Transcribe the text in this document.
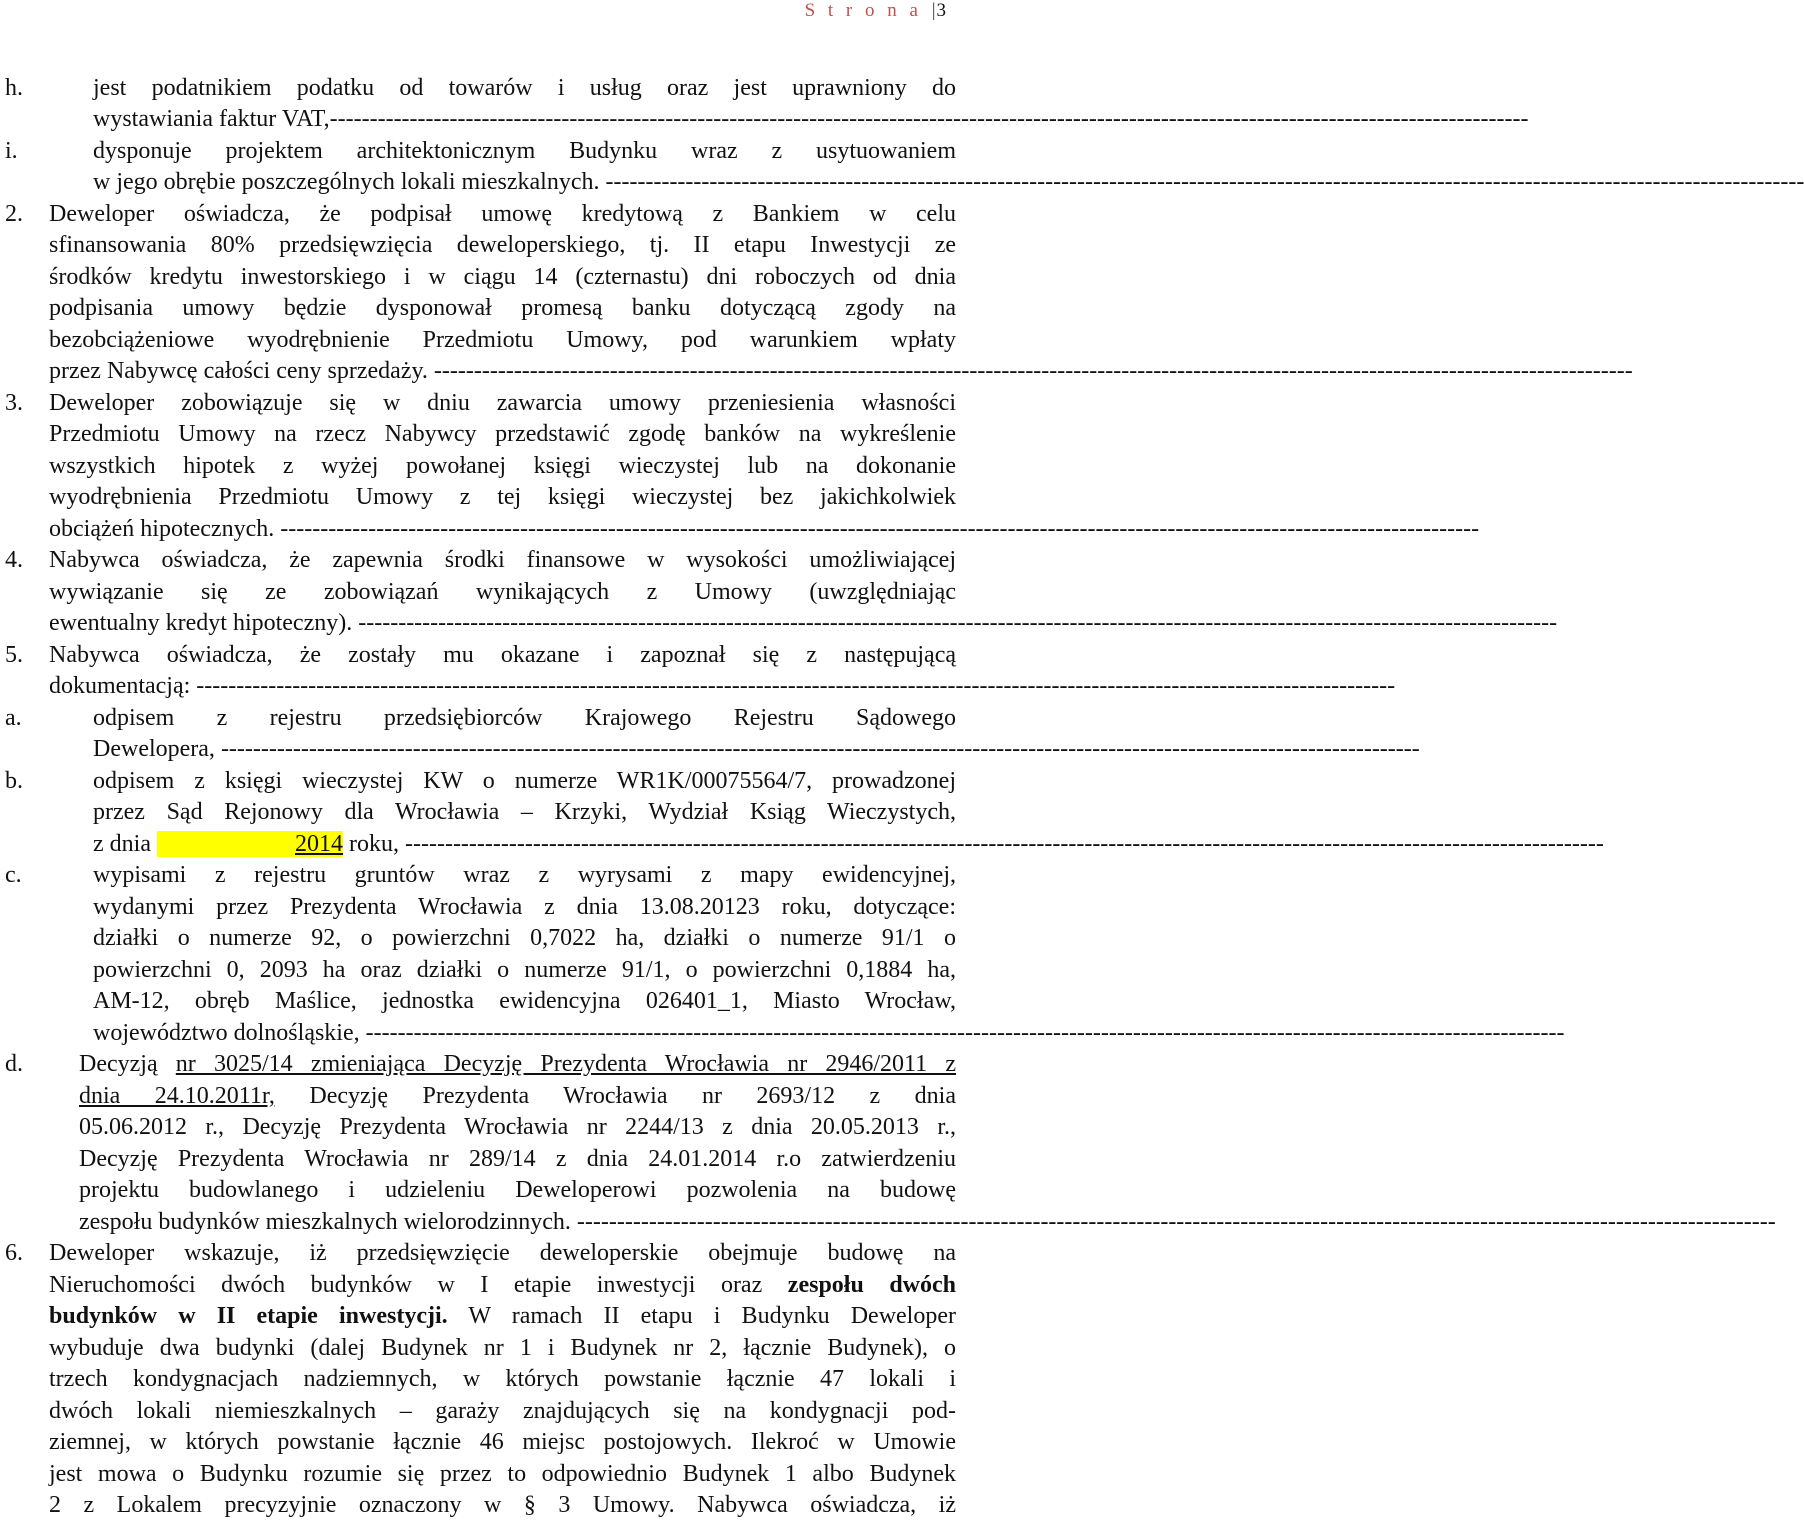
S t r o n a |3
h.	jest podatnikiem podatku od towarów i usług oraz jest uprawniony do
wystawiania faktur VAT,------------------------------------------------------------------------------------------------------------------------------------------------------
i.	dysponuje projektem architektonicznym Budynku wraz z usytuowaniem
w jego obrębie poszczególnych lokali mieszkalnych. ------------------------------------------------------------------------------------------------------------------------------------------------------
2. Deweloper oświadcza, że podpisał umowę kredytową z Bankiem w celu
sfinansowania 80% przedsięwzięcia deweloperskiego, tj. II etapu Inwestycji ze
środków kredytu inwestorskiego i w ciągu 14 (czternastu) dni roboczych od dnia
podpisania umowy będzie dysponował promesą banku dotyczącą zgody na
bezobciążeniowe wyodrębnienie Przedmiotu Umowy, pod warunkiem wpłaty
przez Nabywcę całości ceny sprzedaży. ------------------------------------------------------------------------------------------------------------------------------------------------------
3. Deweloper zobowiązuje się w dniu zawarcia umowy przeniesienia własności
Przedmiotu Umowy na rzecz Nabywcy przedstawić zgodę banków na wykreślenie
wszystkich hipotek z wyżej powołanej księgi wieczystej lub na dokonanie
wyodrębnienia Przedmiotu Umowy z tej księgi wieczystej bez jakichkolwiek
obciążeń hipotecznych. ------------------------------------------------------------------------------------------------------------------------------------------------------
4. Nabywca oświadcza, że zapewnia środki finansowe w wysokości umożliwiającej
wywiązanie się ze zobowiązań wynikających z Umowy (uwzględniając
ewentualny kredyt hipoteczny). ------------------------------------------------------------------------------------------------------------------------------------------------------
5. Nabywca oświadcza, że zostały mu okazane i zapoznał się z następującą
dokumentacją: ------------------------------------------------------------------------------------------------------------------------------------------------------
a.	odpisem z rejestru przedsiębiorców Krajowego Rejestru Sądowego
Dewelopera, ------------------------------------------------------------------------------------------------------------------------------------------------------
b.	odpisem z księgi wieczystej KW o numerze WR1K/00075564/7, prowadzonej
przez Sąd Rejonowy dla Wrocławia – Krzyki, Wydział Ksiąg Wieczystych,
z dnia	2014 roku, ------------------------------------------------------------------------------------------------------------------------------------------------------
c.	wypisami z rejestru gruntów wraz z wyrysami z mapy ewidencyjnej,
wydanymi przez Prezydenta Wrocławia z dnia 13.08.20123 roku, dotyczące:
działki o numerze 92, o powierzchni 0,7022 ha, działki o numerze 91/1 o
powierzchni 0, 2093 ha oraz działki o numerze 91/1, o powierzchni 0,1884 ha,
AM-12, obręb Maślice, jednostka ewidencyjna 026401_1, Miasto Wrocław,
województwo dolnośląskie, ------------------------------------------------------------------------------------------------------------------------------------------------------
d. Decyzją nr 3025/14 zmieniająca Decyzję Prezydenta Wrocławia nr 2946/2011 z
dnia 24.10.2011r, Decyzję Prezydenta Wrocławia nr 2693/12 z dnia
05.06.2012 r., Decyzję Prezydenta Wrocławia nr 2244/13 z dnia 20.05.2013 r.,
Decyzję Prezydenta Wrocławia nr 289/14 z dnia 24.01.2014 r.o zatwierdzeniu
projektu budowlanego i udzieleniu Deweloperowi pozwolenia na budowę
zespołu budynków mieszkalnych wielorodzinnych. ------------------------------------------------------------------------------------------------------------------------------------------------------
6. Deweloper wskazuje, iż przedsięwzięcie deweloperskie obejmuje budowę na
Nieruchomości dwóch budynków w I etapie inwestycji oraz zespołu dwóch
budynków w II etapie inwestycji. W ramach II etapu i Budynku Deweloper
wybuduje dwa budynki (dalej Budynek nr 1 i Budynek nr 2, łącznie Budynek), o
trzech kondygnacjach nadziemnych, w których powstanie łącznie 47 lokali i
dwóch lokali niemieszkalnych – garaży znajdujących się na kondygnacji pod-
ziemnej, w których powstanie łącznie 46 miejsc postojowych. Ilekroć w Umowie
jest mowa o Budynku rozumie się przez to odpowiednio Budynek 1 albo Budynek
2 z Lokalem precyzyjnie oznaczony w § 3 Umowy. Nabywca oświadcza, iż
